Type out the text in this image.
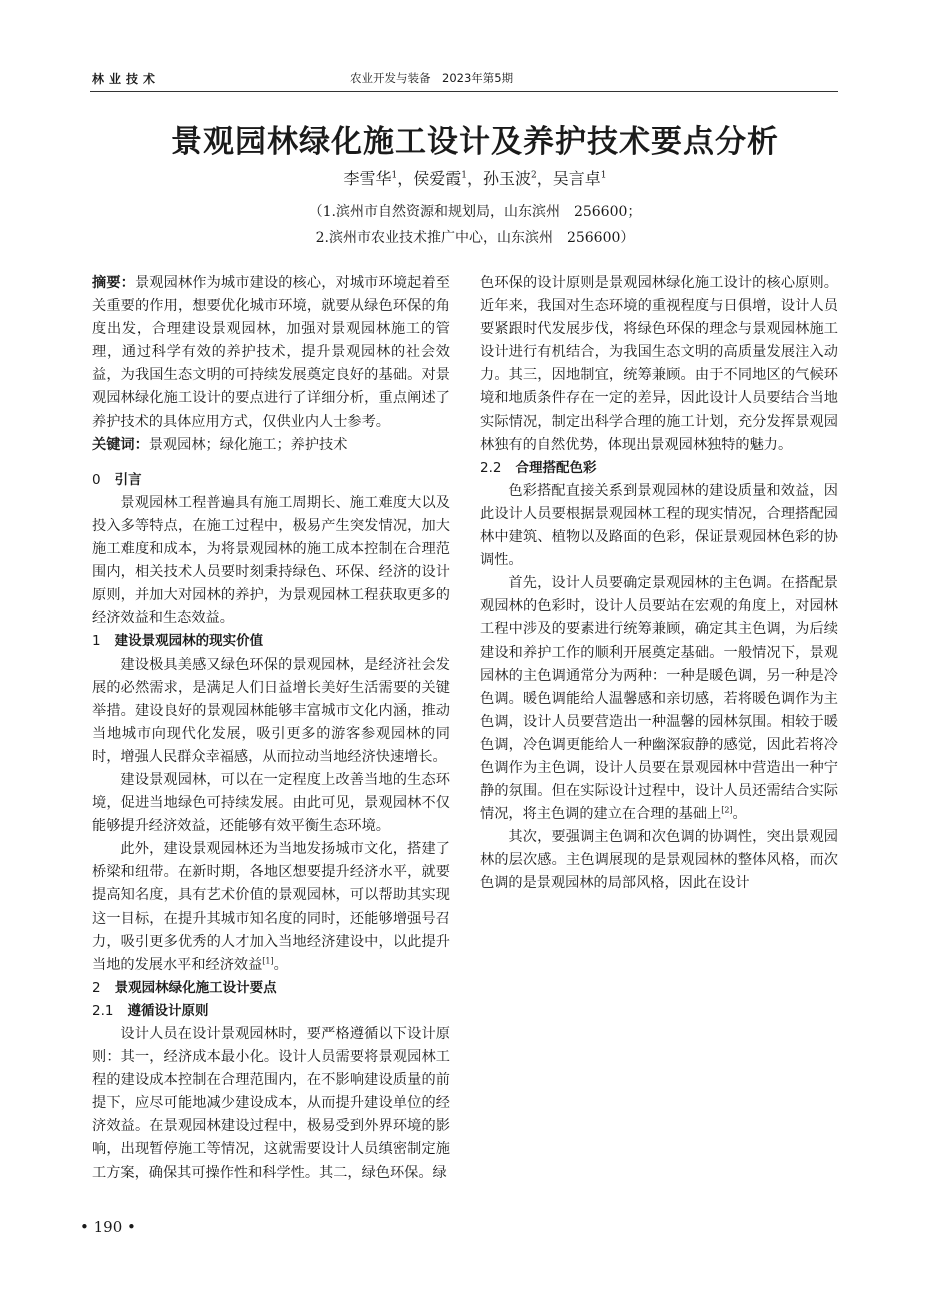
林业技术	农业开发与装备　2023年第5期
景观园林绿化施工设计及养护技术要点分析
李雪华$^1$，侯爱霞$^1$，孙玉波$^2$，吴言卓$^1$
（1.滨州市自然资源和规划局，山东滨州　256600；
2.滨州市农业技术推广中心，山东滨州　256600）

摘要：景观园林作为城市建设的核心，对城市环境起着至关重要的作用，想要优化城市环境，就要从绿色环保的角度出发，合理建设景观园林，加强对景观园林施工的管理，通过科学有效的养护技术，提升景观园林的社会效益，为我国生态文明的可持续发展奠定良好的基础。对景观园林绿化施工设计的要点进行了详细分析，重点阐述了养护技术的具体应用方式，仅供业内人士参考。

关键词：景观园林；绿化施工；养护技术

0 引言

景观园林工程普遍具有施工周期长、施工难度大以及投入多等特点，在施工过程中，极易产生突发情况，加大施工难度和成本，为将景观园林的施工成本控制在合理范围内，相关技术人员要时刻秉持绿色、环保、经济的设计原则，并加大对园林的养护，为景观园林工程获取更多的经济效益和生态效益。

1 建设景观园林的现实价值

建设极具美感又绿色环保的景观园林，是经济社会发展的必然需求，是满足人们日益增长美好生活需要的关键举措。建设良好的景观园林能够丰富城市文化内涵，推动当地城市向现代化发展，吸引更多的游客参观园林的同时，增强人民群众幸福感，从而拉动当地经济快速增长。

建设景观园林，可以在一定程度上改善当地的生态环境，促进当地绿色可持续发展。由此可见，景观园林不仅能够提升经济效益，还能够有效平衡生态环境。

此外，建设景观园林还为当地发扬城市文化，搭建了桥梁和纽带。在新时期，各地区想要提升经济水平，就要提高知名度，具有艺术价值的景观园林，可以帮助其实现这一目标，在提升其城市知名度的同时，还能够增强号召力，吸引更多优秀的人才加入当地经济建设中，以此提升当地的发展水平和经济效益[1]。

2 景观园林绿化施工设计要点

2.1 遵循设计原则

设计人员在设计景观园林时，要严格遵循以下设计原则：其一，经济成本最小化。设计人员需要将景观园林工程的建设成本控制在合理范围内，在不影响建设质量的前提下，应尽可能地减少建设成本，从而提升建设单位的经济效益。在景观园林建设过程中，极易受到外界环境的影响，出现暂停施工等情况，这就需要设计人员缜密制定施工方案，确保其可操作性和科学性。其二，绿色环保。绿

色环保的设计原则是景观园林绿化施工设计的核心原则。近年来，我国对生态环境的重视程度与日俱增，设计人员要紧跟时代发展步伐，将绿色环保的理念与景观园林施工设计进行有机结合，为我国生态文明的高质量发展注入动力。其三，因地制宜，统筹兼顾。由于不同地区的气候环境和地质条件存在一定的差异，因此设计人员要结合当地实际情况，制定出科学合理的施工计划，充分发挥景观园林独有的自然优势，体现出景观园林独特的魅力。

2.2 合理搭配色彩

色彩搭配直接关系到景观园林的建设质量和效益，因此设计人员要根据景观园林工程的现实情况，合理搭配园林中建筑、植物以及路面的色彩，保证景观园林色彩的协调性。

首先，设计人员要确定景观园林的主色调。在搭配景观园林的色彩时，设计人员要站在宏观的角度上，对园林工程中涉及的要素进行统筹兼顾，确定其主色调，为后续建设和养护工作的顺利开展奠定基础。一般情况下，景观园林的主色调通常分为两种：一种是暖色调，另一种是冷色调。暖色调能给人温馨感和亲切感，若将暖色调作为主色调，设计人员要营造出一种温馨的园林氛围。相较于暖色调，冷色调更能给人一种幽深寂静的感觉，因此若将冷色调作为主色调，设计人员要在景观园林中营造出一种宁静的氛围。但在实际设计过程中，设计人员还需结合实际情况，将主色调的建立在合理的基础上[2]。

其次，要强调主色调和次色调的协调性，突出景观园林的层次感。主色调展现的是景观园林的整体风格，而次色调的是景观园林的局部风格，因此在设计

• 190 •
